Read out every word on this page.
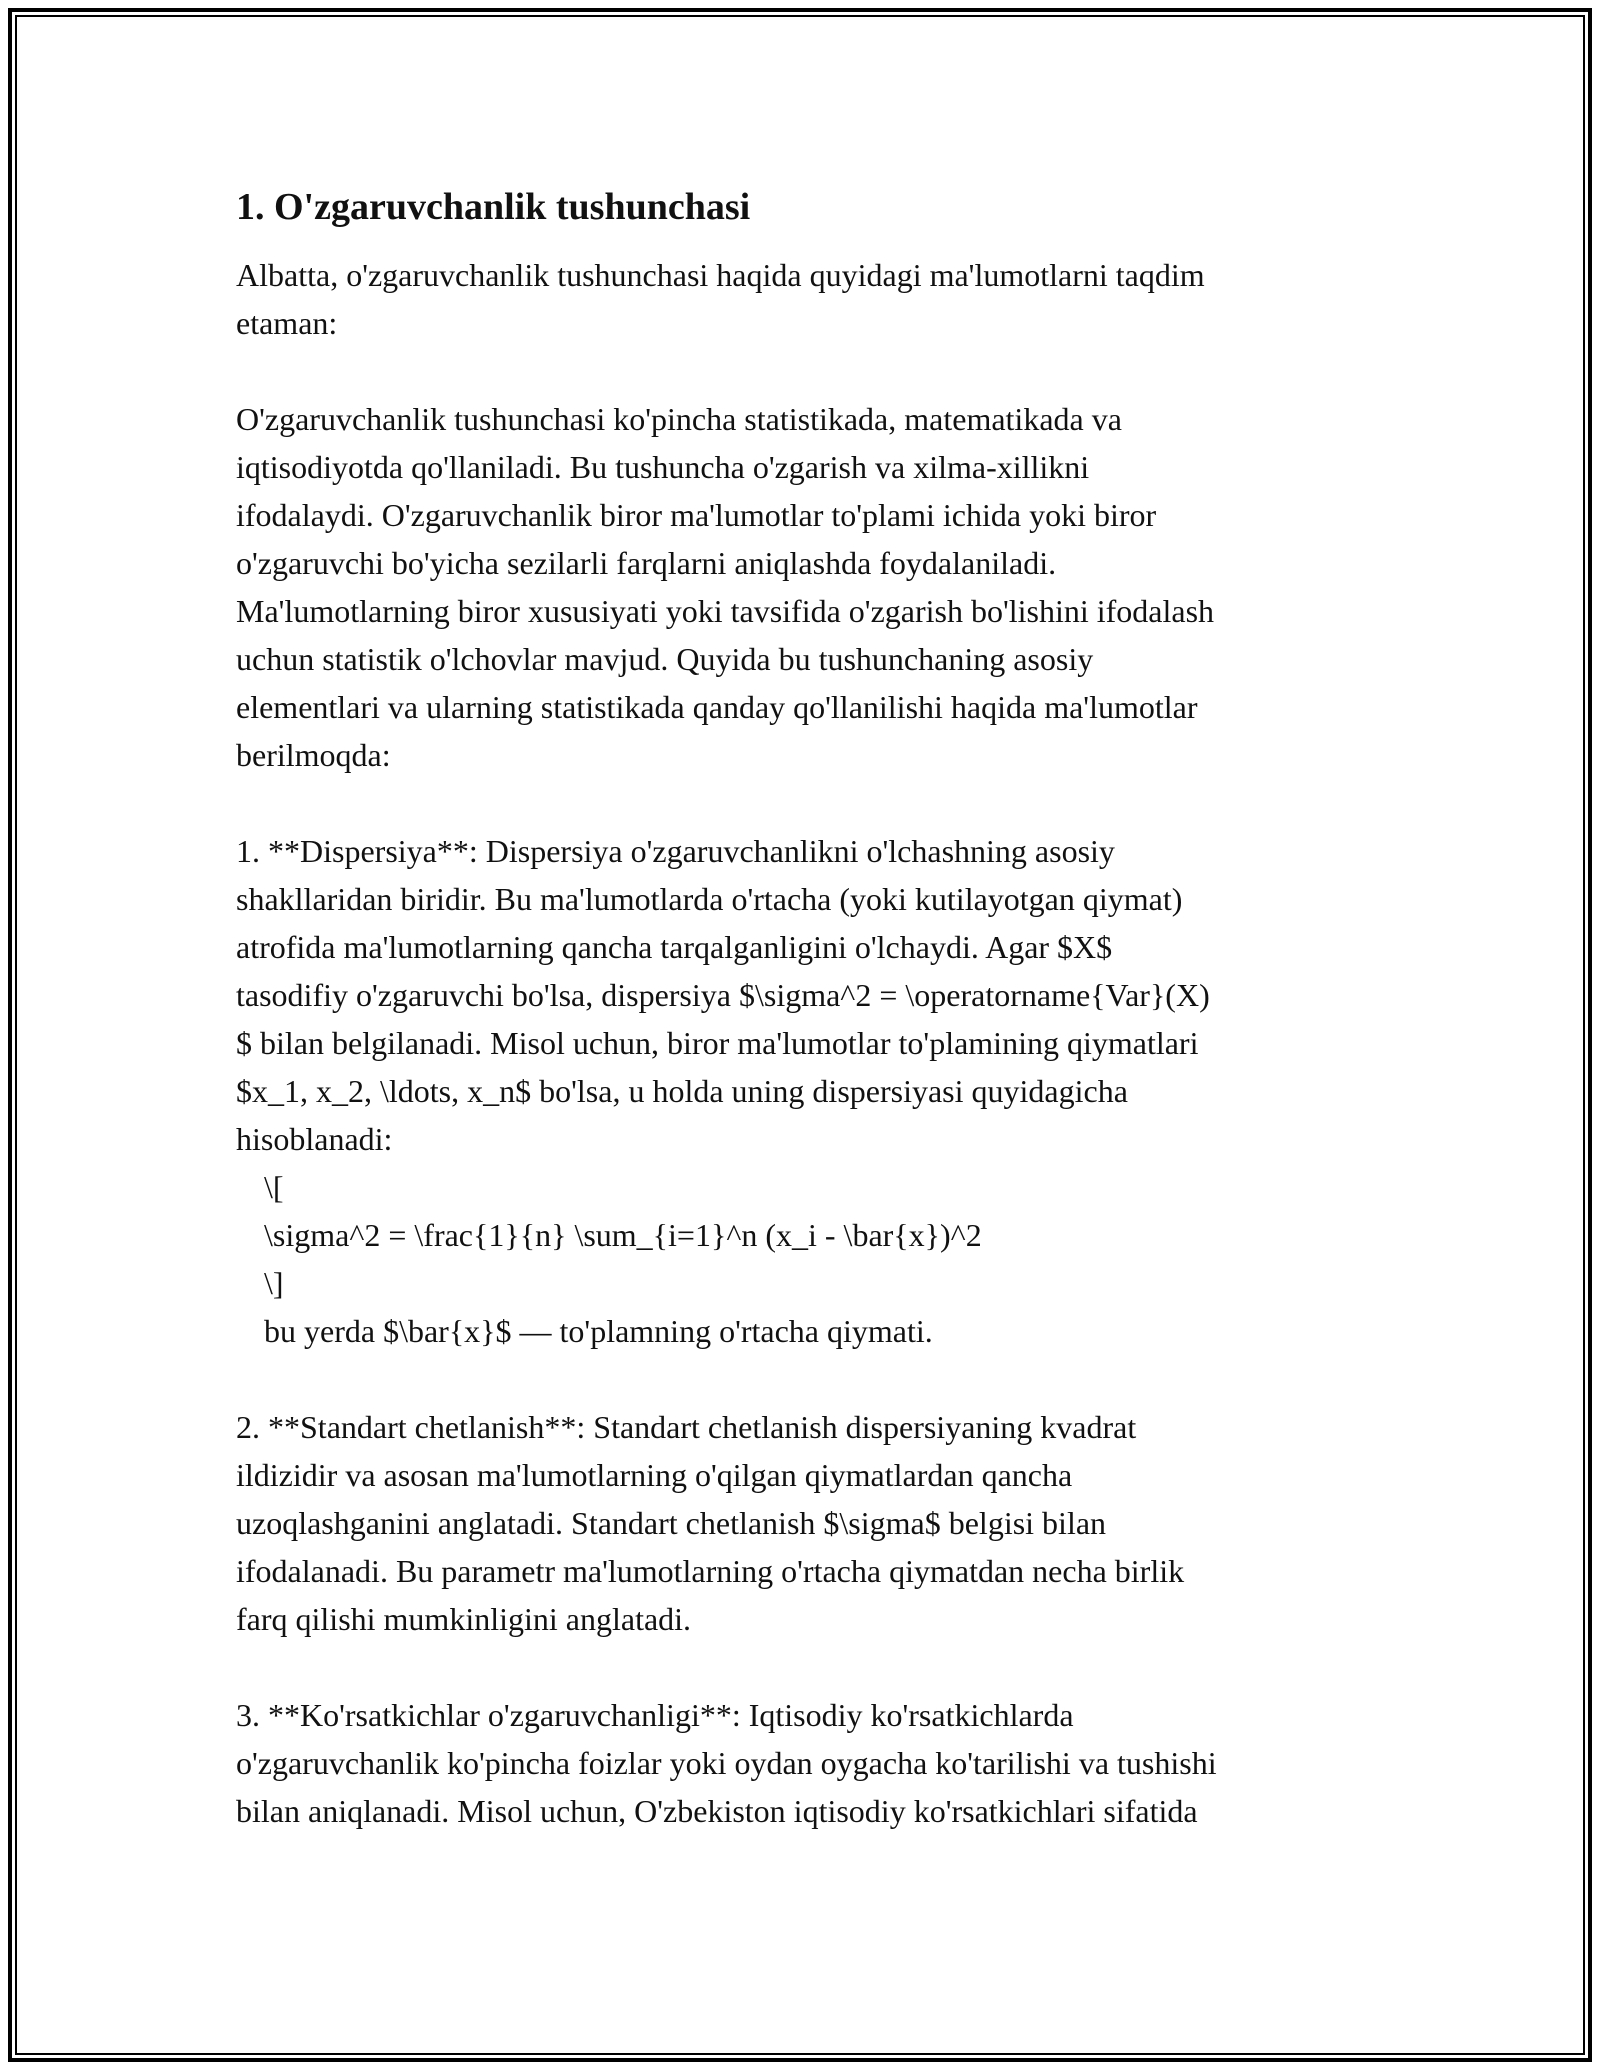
1. O'zgaruvchanlik tushunchasi

Albatta, o'zgaruvchanlik tushunchasi haqida quyidagi ma'lumotlarni taqdim
etaman:

O'zgaruvchanlik tushunchasi ko'pincha statistikada, matematikada va
iqtisodiyotda qo'llaniladi. Bu tushuncha o'zgarish va xilma-xillikni
ifodalaydi. O'zgaruvchanlik biror ma'lumotlar to'plami ichida yoki biror
o'zgaruvchi bo'yicha sezilarli farqlarni aniqlashda foydalaniladi.
Ma'lumotlarning biror xususiyati yoki tavsifida o'zgarish bo'lishini ifodalash
uchun statistik o'lchovlar mavjud. Quyida bu tushunchaning asosiy
elementlari va ularning statistikada qanday qo'llanilishi haqida ma'lumotlar
berilmoqda:

1. **Dispersiya**: Dispersiya o'zgaruvchanlikni o'lchashning asosiy
shakllaridan biridir. Bu ma'lumotlarda o'rtacha (yoki kutilayotgan qiymat)
atrofida ma'lumotlarning qancha tarqalganligini o'lchaydi. Agar $X$
tasodifiy o'zgaruvchi bo'lsa, dispersiya $\sigma^2 = \operatorname{Var}(X)
$ bilan belgilanadi. Misol uchun, biror ma'lumotlar to'plamining qiymatlari
$x_1, x_2, \ldots, x_n$ bo'lsa, u holda uning dispersiyasi quyidagicha
hisoblanadi:
\[
\sigma^2 = \frac{1}{n} \sum_{i=1}^n (x_i - \bar{x})^2
\]
bu yerda $\bar{x}$ — to'plamning o'rtacha qiymati.

2. **Standart chetlanish**: Standart chetlanish dispersiyaning kvadrat
ildizidir va asosan ma'lumotlarning o'qilgan qiymatlardan qancha
uzoqlashganini anglatadi. Standart chetlanish $\sigma$ belgisi bilan
ifodalanadi. Bu parametr ma'lumotlarning o'rtacha qiymatdan necha birlik
farq qilishi mumkinligini anglatadi.

3. **Ko'rsatkichlar o'zgaruvchanligi**: Iqtisodiy ko'rsatkichlarda
o'zgaruvchanlik ko'pincha foizlar yoki oydan oygacha ko'tarilishi va tushishi
bilan aniqlanadi. Misol uchun, O'zbekiston iqtisodiy ko'rsatkichlari sifatida
